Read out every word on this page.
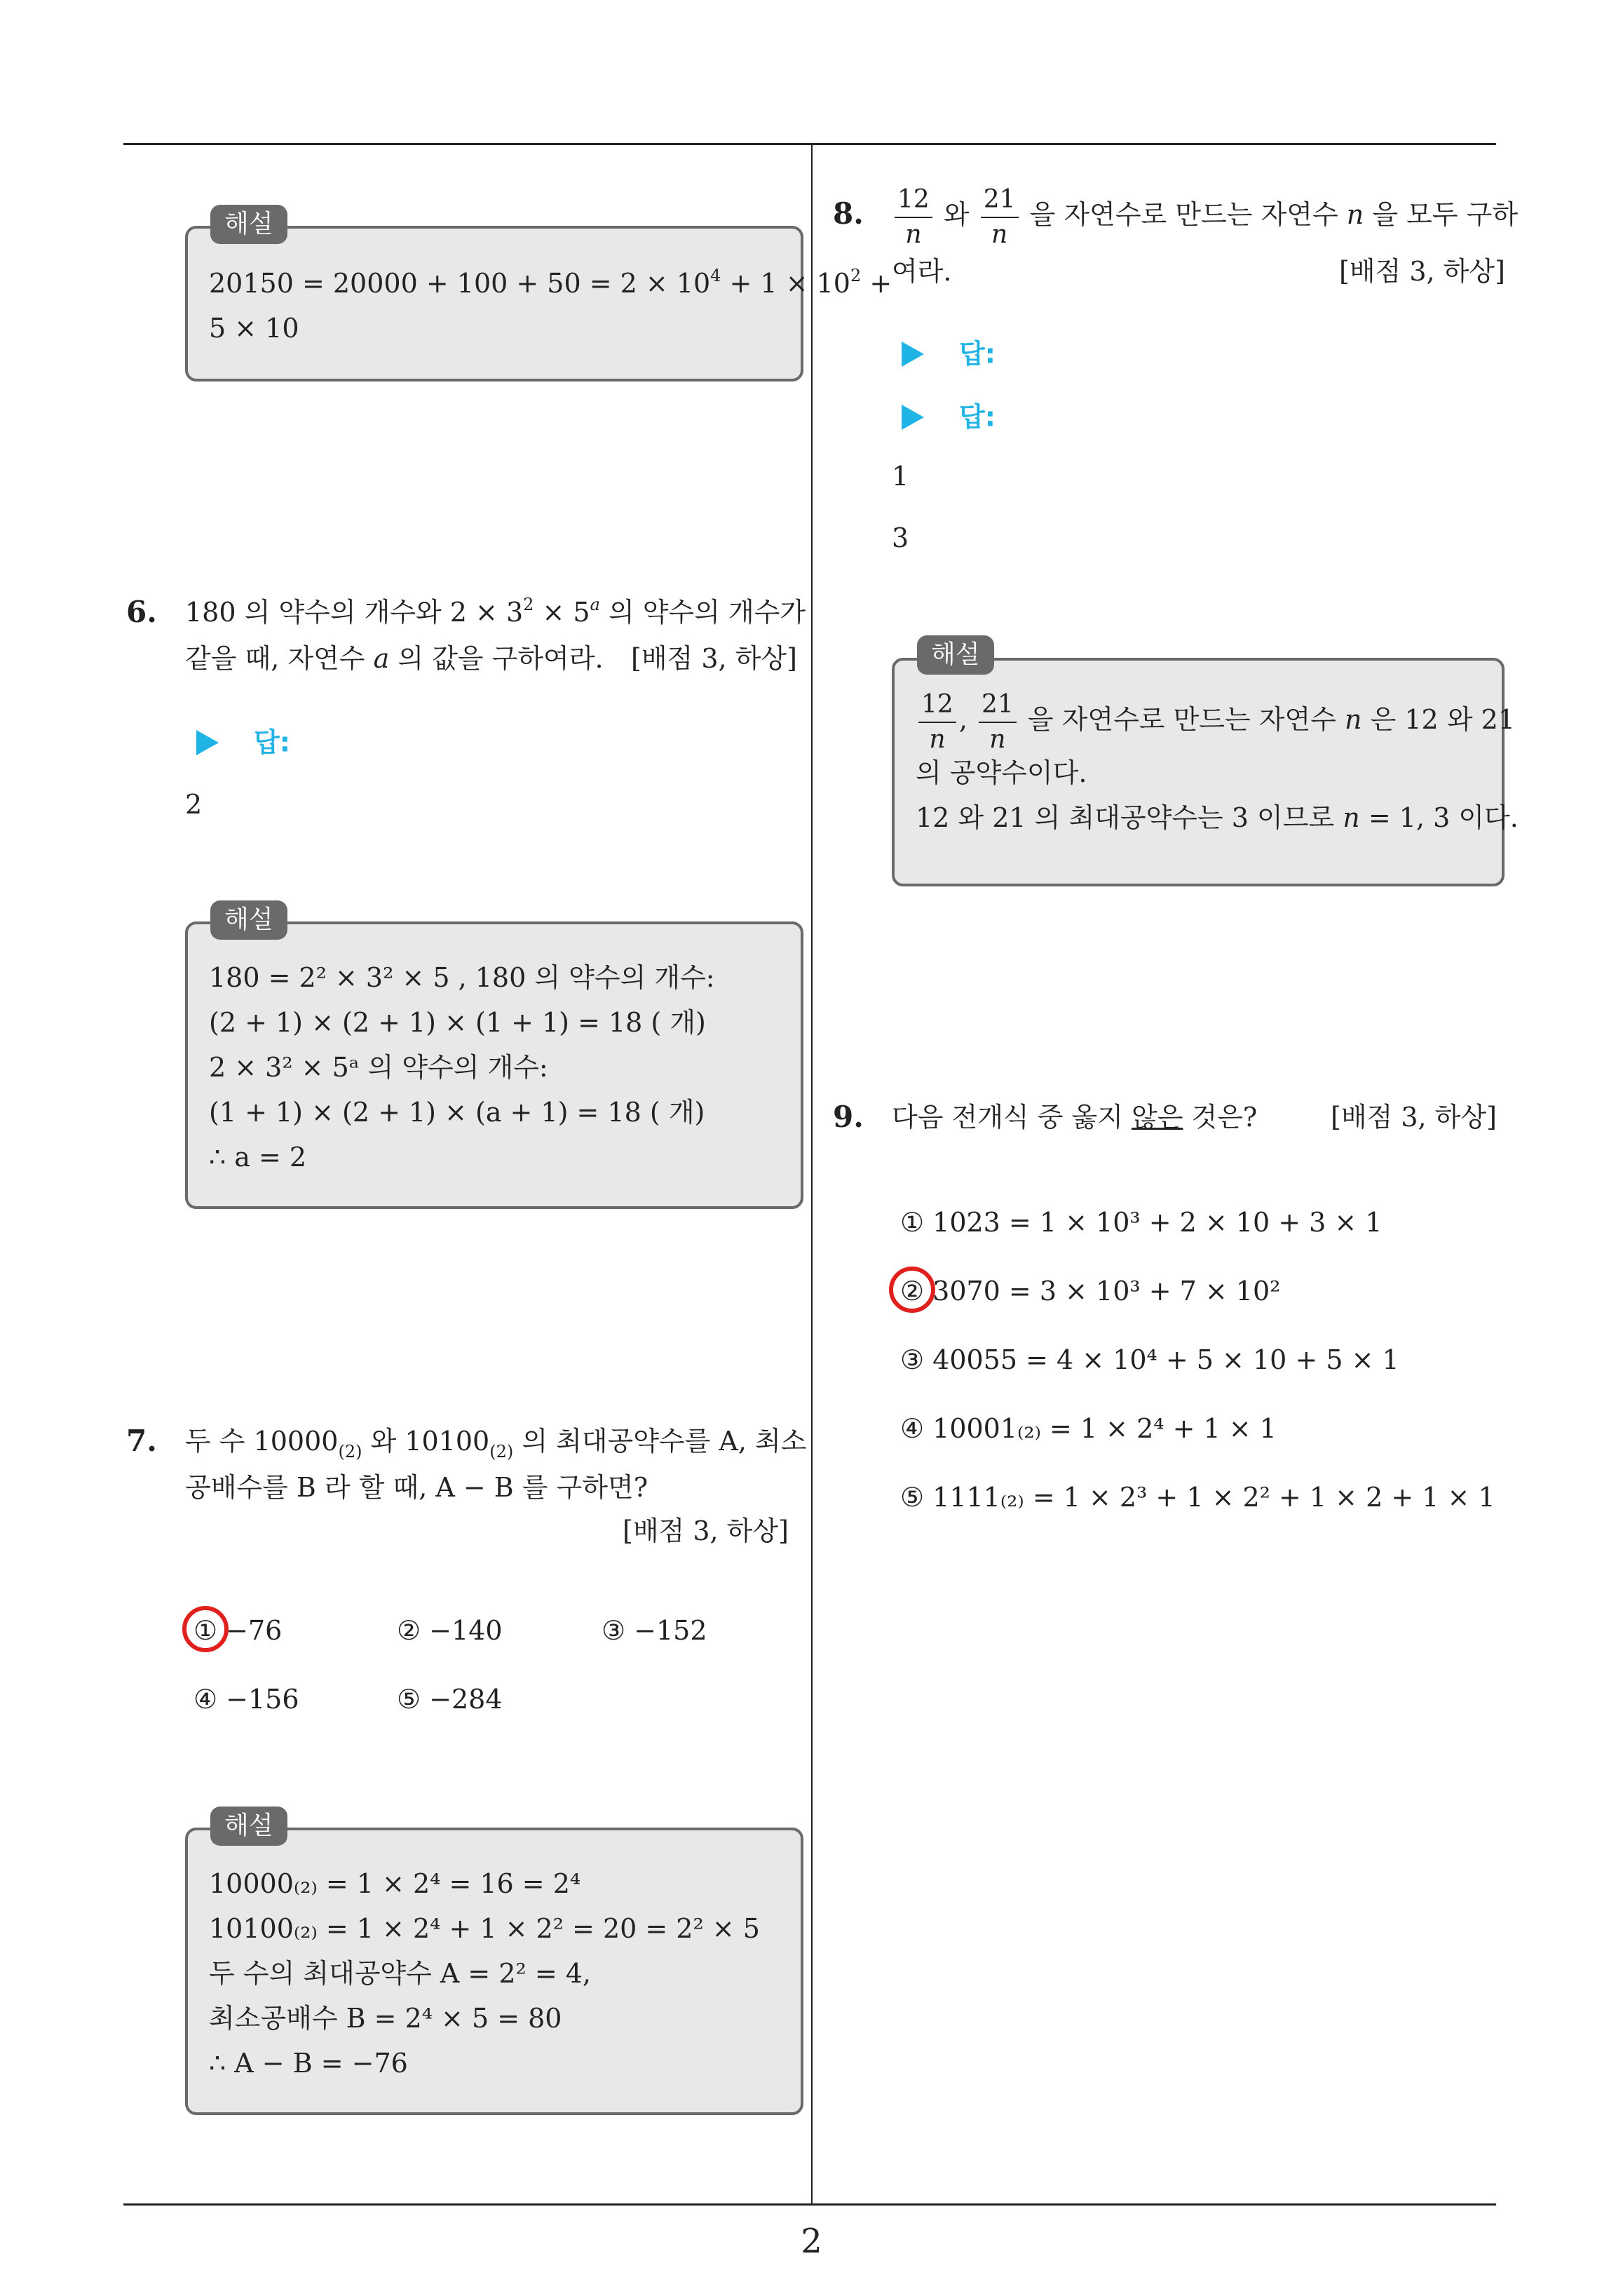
$20150 = 20000 + 100 + 50 = 2 \times 10^4 + 1 \times 10^2$ +
5 × 10
해설
6. 180 의 약수의 개수와 $2 \times 3^2 \times 5^a$ 의 약수의 개수가
같을 때, 자연수 a 의 값을 구하여라. [배점 3, 하상]
답:
2
180 = 2² × 3² × 5 , 180 의 약수의 개수:
(2 + 1) × (2 + 1) × (1 + 1) = 18 ( 개)
2 × 3² × 5ᵃ 의 약수의 개수:
(1 + 1) × (2 + 1) × (a + 1) = 18 ( 개)
∴ a = 2
해설
7. 두 수 $10000_{(2)}$ 와 $10100_{(2)}$ 의 최대공약수를 A, 최소
공배수를 B 라 할 때, A − B 를 구하면?
[배점 3, 하상]
① −76	② −140	③ −152
④ −156	⑤ −284
10000₍₂₎ = 1 × 2⁴ = 16 = 2⁴
10100₍₂₎ = 1 × 2⁴ + 1 × 2² = 20 = 2² × 5
두 수의 최대공약수 A = 2² = 4,
최소공배수 B = 2⁴ × 5 = 80
∴ A − B = −76
해설
8. $\frac{12}{n}$ 와 $\frac{21}{n}$ 을 자연수로 만드는 자연수 n 을 모두 구하
여라.	[배점 3, 하상]
답:
답:
1
3
$\frac{12}{n}$ , $\frac{21}{n}$ 을 자연수로 만드는 자연수 n 은 12 와 21
의 공약수이다.
12 와 21 의 최대공약수는 3 이므로 n = 1, 3 이다.
해설
9. 다음 전개식 중 옳지 않은 것은?	[배점 3, 하상]
① 1023 = 1 × 10³ + 2 × 10 + 3 × 1
② 3070 = 3 × 10³ + 7 × 10²
③ 40055 = 4 × 10⁴ + 5 × 10 + 5 × 1
④ 10001₍₂₎ = 1 × 2⁴ + 1 × 1
⑤ 1111₍₂₎ = 1 × 2³ + 1 × 2² + 1 × 2 + 1 × 1
2
